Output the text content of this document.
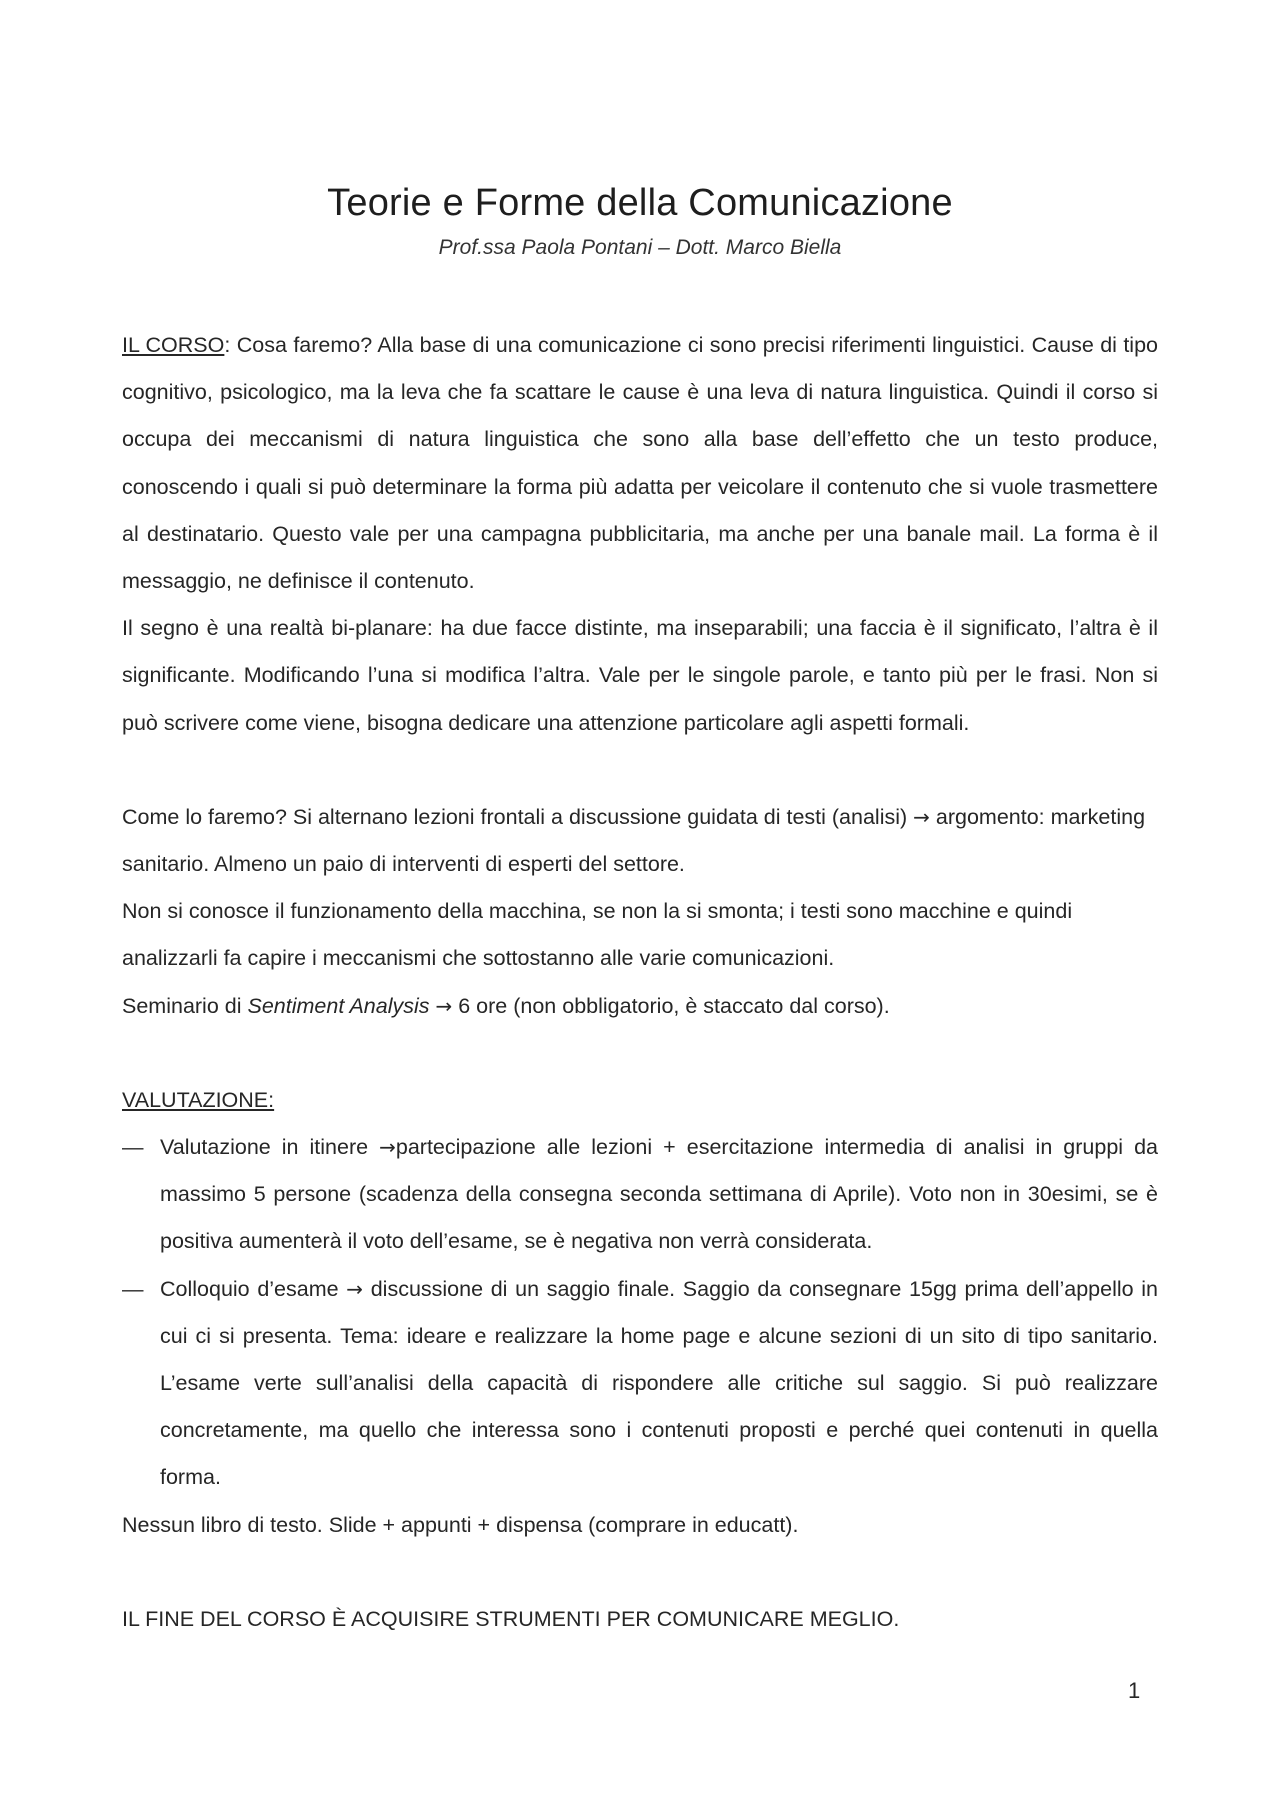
Teorie e Forme della Comunicazione
Prof.ssa Paola Pontani – Dott. Marco Biella

IL CORSO: Cosa faremo? Alla base di una comunicazione ci sono precisi riferimenti linguistici. Cause di tipo cognitivo, psicologico, ma la leva che fa scattare le cause è una leva di natura linguistica. Quindi il corso si occupa dei meccanismi di natura linguistica che sono alla base dell’effetto che un testo produce, conoscendo i quali si può determinare la forma più adatta per veicolare il contenuto che si vuole trasmettere al destinatario. Questo vale per una campagna pubblicitaria, ma anche per una banale mail. La forma è il messaggio, ne definisce il contenuto.

Il segno è una realtà bi-planare: ha due facce distinte, ma inseparabili; una faccia è il significato, l’altra è il significante. Modificando l’una si modifica l’altra. Vale per le singole parole, e tanto più per le frasi. Non si può scrivere come viene, bisogna dedicare una attenzione particolare agli aspetti formali.

Come lo faremo? Si alternano lezioni frontali a discussione guidata di testi (analisi) → argomento: marketing sanitario. Almeno un paio di interventi di esperti del settore.

Non si conosce il funzionamento della macchina, se non la si smonta; i testi sono macchine e quindi analizzarli fa capire i meccanismi che sottostanno alle varie comunicazioni.

Seminario di Sentiment Analysis → 6 ore (non obbligatorio, è staccato dal corso).

VALUTAZIONE:

— Valutazione in itinere →partecipazione alle lezioni + esercitazione intermedia di analisi in gruppi da massimo 5 persone (scadenza della consegna seconda settimana di Aprile). Voto non in 30esimi, se è positiva aumenterà il voto dell’esame, se è negativa non verrà considerata.
— Colloquio d’esame → discussione di un saggio finale. Saggio da consegnare 15gg prima dell’appello in cui ci si presenta. Tema: ideare e realizzare la home page e alcune sezioni di un sito di tipo sanitario. L’esame verte sull’analisi della capacità di rispondere alle critiche sul saggio. Si può realizzare concretamente, ma quello che interessa sono i contenuti proposti e perché quei contenuti in quella forma.

Nessun libro di testo. Slide + appunti + dispensa (comprare in educatt).

IL FINE DEL CORSO È ACQUISIRE STRUMENTI PER COMUNICARE MEGLIO.

1
